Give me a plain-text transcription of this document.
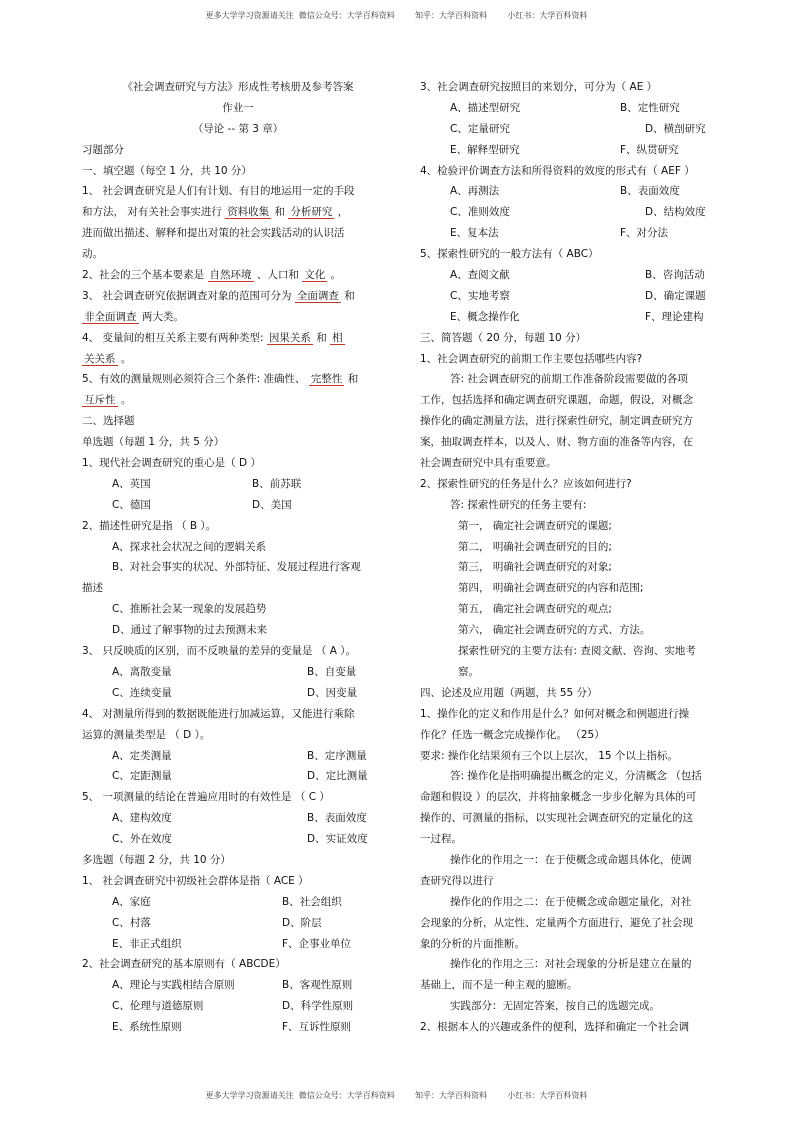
更多大学学习资源请关注  微信公众号：大学百科资料        知乎：大学百科资料        小红书：大学百科资料
《社会调查研究与方法》形成性考核册及参考答案
作业一
（导论 -- 第 3 章）
习题部分
一、填空题（每空 1 分，共 10 分）
1、 社会调查研究是人们有计划、有目的地运用一定的手段
和方法， 对有关社会事实进行 资料收集 和 分析研究 ，
进而做出描述、解释和提出对策的社会实践活动的认识活
动。
2、社会的三个基本要素是 自然环境 、人口和 文化 。
3、 社会调查研究依据调查对象的范围可分为 全面调查 和
非全面调查 两大类。
4、 变量间的相互关系主要有两种类型: 因果关系 和 相
关关系 。
5、有效的测量规则必须符合三个条件: 准确性、 完整性 和
互斥性 。
二、选择题
单选题（每题 1 分，共 5 分）
1、现代社会调查研究的重心是（ D ）
A、英国	B、前苏联
C、德国	D、美国
2、描述性研究是指 （ B ）。
A、探求社会状况之间的逻辑关系
B、对社会事实的状况、外部特征、发展过程进行客观
描述
C、推断社会某一现象的发展趋势
D、通过了解事物的过去预测未来
3、 只反映质的区别，而不反映量的差异的变量是 （ A ）。
A、离散变量	B、自变量
C、连续变量	D、因变量
4、 对测量所得到的数据既能进行加减运算，又能进行乘除
运算的测量类型是 （ D ）。
A、定类测量	B、定序测量
C、定距测量	D、定比测量
5、 一项测量的结论在普遍应用时的有效性是 （ C ）
A、建构效度	B、表面效度
C、外在效度	D、实证效度
多选题（每题 2 分，共 10 分）
1、 社会调查研究中初级社会群体是指（ ACE ）
A、家庭	B、社会组织
C、村落	D、阶层
E、非正式组织	F、企事业单位
2、社会调查研究的基本原则有（ ABCDE）
A、理论与实践相结合原则	B、客观性原则
C、伦理与道德原则	D、科学性原则
E、系统性原则	F、互诉性原则
3、社会调查研究按照目的来划分，可分为（ AE ）
A、描述型研究	B、定性研究
C、定量研究	D、横剖研究
E、解释型研究	F、纵贯研究
4、检验评价调查方法和所得资料的效度的形式有（ AEF ）
A、再测法	B、表面效度
C、准则效度	D、结构效度
E、复本法	F、对分法
5、探索性研究的一般方法有（ ABC）
A、查阅文献	B、咨询活动
C、实地考察	D、确定课题
E、概念操作化	F、理论建构
三、简答题（ 20 分，每题 10 分）
1、社会调查研究的前期工作主要包括哪些内容?
答: 社会调查研究的前期工作准备阶段需要做的各项
工作，包括选择和确定调查研究课题，命题，假设，对概念
操作化的确定测量方法，进行探索性研究，制定调查研究方
案，抽取调查样本，以及人、财、物方面的准备等内容，在
社会调查研究中具有重要意。
2、探索性研究的任务是什么？应该如何进行?
答: 探索性研究的任务主要有:
第一， 确定社会调查研究的课题;
第二， 明确社会调查研究的目的;
第三， 明确社会调查研究的对象;
第四， 明确社会调查研究的内容和范围;
第五， 确定社会调查研究的观点;
第六， 确定社会调查研究的方式、方法。
探索性研究的主要方法有: 查阅文献、咨询、实地考
察。
四、论述及应用题（两题，共 55 分）
1、操作化的定义和作用是什么？如何对概念和例题进行操
作化？任选一概念完成操作化。 （25）
要求: 操作化结果须有三个以上层次， 15 个以上指标。
答: 操作化是指明确提出概念的定义，分清概念 （包括
命题和假设 ）的层次，并将抽象概念一步步化解为具体的可
操作的、可测量的指标，以实现社会调查研究的定量化的这
一过程。
操作化的作用之一：在于使概念或命题具体化，使调
查研究得以进行
操作化的作用之二：在于使概念或命题定量化，对社
会现象的分析，从定性、定量两个方面进行，避免了社会现
象的分析的片面推断。
操作化的作用之三：对社会现象的分析是建立在量的
基础上，而不是一种主观的臆断。
实践部分：无固定答案，按自己的选题完成。
2、根据本人的兴趣或条件的便利，选择和确定一个社会调
更多大学学习资源请关注  微信公众号：大学百科资料        知乎：大学百科资料        小红书：大学百科资料
